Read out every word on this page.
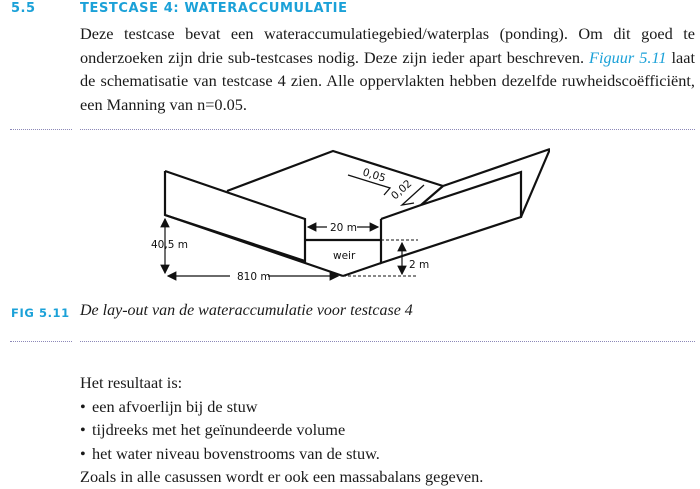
5.5	TESTCASE 4: WATERACCUMULATIE
Deze testcase bevat een wateraccumulatiegebied/waterplas (ponding). Om dit goed te onderzoeken zijn drie sub-testcases nodig. Deze zijn ieder apart beschreven. Figuur 5.11 laat de schematisatie van testcase 4 zien. Alle oppervlakten hebben dezelfde ruwheidscoëfficiënt, een Manning van n=0.05.
20 m
weir
40,5 m
810 m
2 m
0,05
0,02
FIG 5.11 De lay-out van de wateraccumulatie voor testcase 4
Het resultaat is:
• een afvoerlijn bij de stuw
• tijdreeks met het geïnundeerde volume
• het water niveau bovenstrooms van de stuw.
Zoals in alle casussen wordt er ook een massabalans gegeven.
